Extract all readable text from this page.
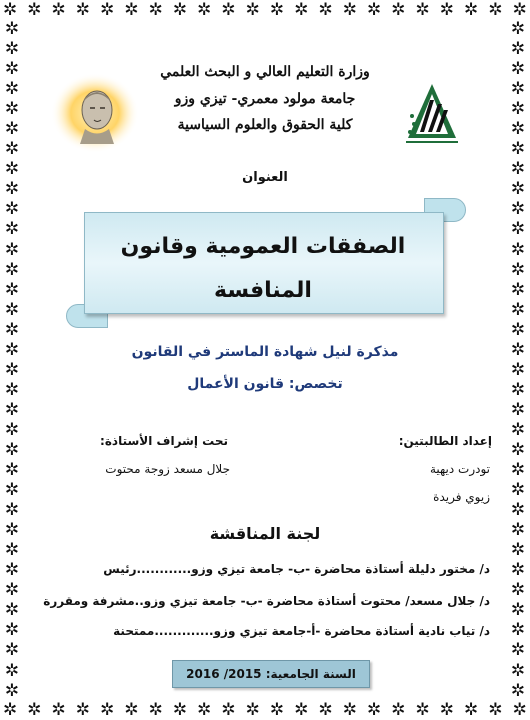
✲ ✲ ✲ ✲ ✲ ✲ ✲ ✲ ✲ ✲ ✲ ✲ ✲ ✲ ✲ ✲ ✲ ✲ ✲ ✲ ✲ ✲
✲ ✲ ✲ ✲ ✲ ✲ ✲ ✲ ✲ ✲ ✲ ✲ ✲ ✲ ✲ ✲ ✲ ✲ ✲ ✲ ✲ ✲
✲
✲
✲
✲
✲
✲
✲
✲
✲
✲
✲
✲
✲
✲
✲
✲
✲
✲
✲
✲
✲
✲
✲
✲
✲
✲
✲
✲
✲
✲
✲
✲
✲
✲
✲
✲
✲
✲
✲
✲
✲
✲
✲
✲
✲
✲
✲
✲
✲
✲
✲
✲
✲
✲
✲
✲
✲
✲
✲
✲
✲
✲
✲
✲
✲
✲
✲
✲
وزارة التعليم العالي و البحث العلمي
جامعة مولود معمري- تيزي وزو
كلية الحقوق والعلوم السياسية
العنوان
الصفقات العمومية وقانون
المنافسة
مذكرة لنيل شهادة الماستر في القانون
تخصص: قانون الأعمال
إعداد الطالبتين:
تحت إشراف الأستاذة:
تودرت ديهية
جلال مسعد زوجة محتوت
زيوي فريدة
لجنة المناقشة
د/ مختور دليلة أستاذة محاضرة -ب- جامعة تيزي وزو............رئيس
د/ جلال مسعد/ محتوت أستاذة محاضرة -ب- جامعة تيزي وزو..مشرفة ومقررة
د/ تياب نادية أستاذة محاضرة -أ-جامعة تيزي وزو.............ممتحنة
السنة الجامعية: 2015/ 2016
